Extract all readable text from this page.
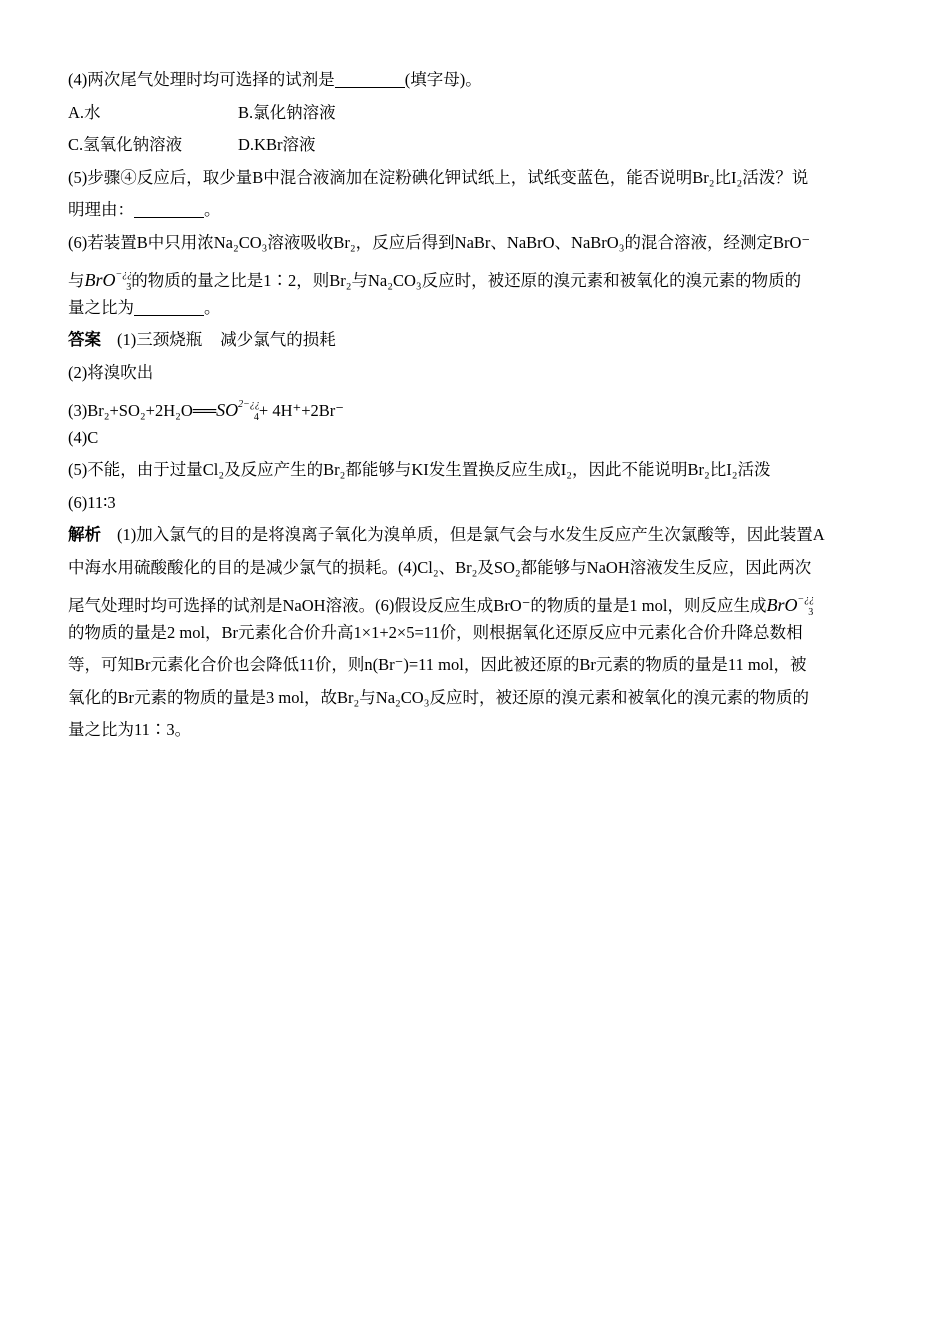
(4)两次尾气处理时均可选择的试剂是	(填字母)。
A.水	B.氯化钠溶液
C.氢氧化钠溶液	D.KBr溶液
(5)步骤④反应后，取少量B中混合液滴加在淀粉碘化钾试纸上，试纸变蓝色，能否说明Br₂比I₂活泼？说
明理由：	。
(6)若装置B中只用浓Na₂CO₃溶液吸收Br₂，反应后得到NaBr、NaBrO、NaBrO₃的混合溶液，经测定BrO⁻
与BrO−¿¿$_3$的物质的量之比是1∶2，则Br₂与Na₂CO₃反应时，被还原的溴元素和被氧化的溴元素的物质的
量之比为	。
答案 (1)三颈烧瓶 减少氯气的损耗
(2)将溴吹出
$(3)Br_2+SO_2+2H_2O══SO^{2-¿¿}_4+ 4H^++2Br^-$
(4)C
(5)不能，由于过量Cl₂及反应产生的Br₂都能够与KI发生置换反应生成I₂，因此不能说明Br₂比I₂活泼
(6)11∶3
解析 (1)加入氯气的目的是将溴离子氧化为溴单质，但是氯气会与水发生反应产生次氯酸等，因此装置A
中海水用硫酸酸化的目的是减少氯气的损耗。(4)Cl₂、Br₂及SO₂都能够与NaOH溶液发生反应，因此两次
尾气处理时均可选择的试剂是NaOH溶液。(6)假设反应生成BrO⁻的物质的量是1 mol，则反应生成BrO−¿¿$_3$
的物质的量是2 mol，Br元素化合价升高1×1+2×5=11价，则根据氧化还原反应中元素化合价升降总数相
等，可知Br元素化合价也会降低11价，则n(Br⁻)=11 mol，因此被还原的Br元素的物质的量是11 mol，被
氧化的Br元素的物质的量是3 mol，故Br₂与Na₂CO₃反应时，被还原的溴元素和被氧化的溴元素的物质的
量之比为11∶3。
